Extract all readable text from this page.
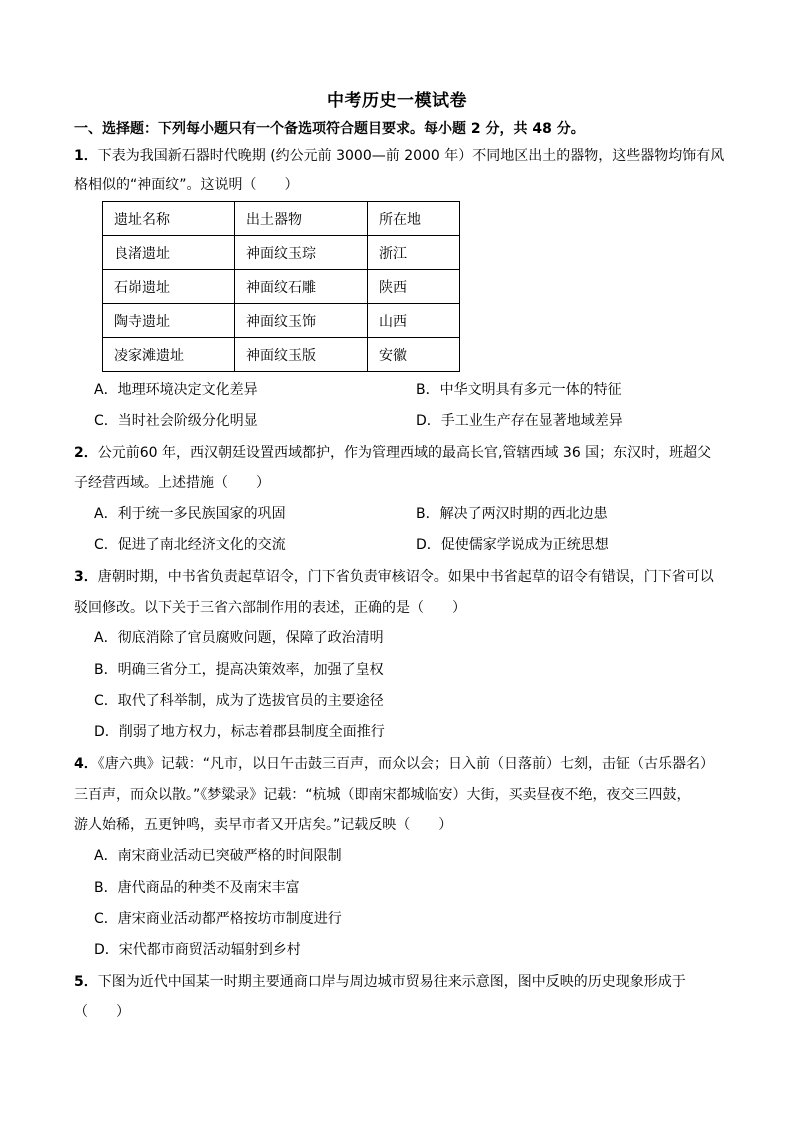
中考历史一模试卷
一、选择题：下列每小题只有一个备选项符合题目要求。每小题 2 分，共 48 分。
1．下表为我国新石器时代晚期 (约公元前 3000—前 2000 年）不同地区出土的器物，这些器物均饰有风
格相似的“神面纹”。这说明（　　）
遗址名称	出土器物	所在地
良渚遗址	神面纹玉琮	浙江
石峁遗址	神面纹石雕	陕西
陶寺遗址	神面纹玉饰	山西
凌家滩遗址	神面纹玉版	安徽
A．地理环境决定文化差异	B．中华文明具有多元一体的特征
C．当时社会阶级分化明显	D．手工业生产存在显著地域差异
2．公元前60 年，西汉朝廷设置西域都护，作为管理西域的最高长官,管辖西域 36 国；东汉时，班超父
子经营西域。上述措施（　　）
A．利于统一多民族国家的巩固	B．解决了两汉时期的西北边患
C．促进了南北经济文化的交流	D．促使儒家学说成为正统思想
3．唐朝时期，中书省负责起草诏令，门下省负责审核诏令。如果中书省起草的诏令有错误，门下省可以
驳回修改。以下关于三省六部制作用的表述，正确的是（　　）
A．彻底消除了官员腐败问题，保障了政治清明
B．明确三省分工，提高决策效率，加强了皇权
C．取代了科举制，成为了选拔官员的主要途径
D．削弱了地方权力，标志着郡县制度全面推行
4．《唐六典》记载：“凡市，以日午击鼓三百声，而众以会；日入前（日落前）七刻，击钲（古乐器名）
三百声，而众以散。”《梦粱录》记载：“杭城（即南宋都城临安）大街，买卖昼夜不绝，夜交三四鼓，
游人始稀，五更钟鸣，卖早市者又开店矣。”记载反映（　　）
A．南宋商业活动已突破严格的时间限制
B．唐代商品的种类不及南宋丰富
C．唐宋商业活动都严格按坊市制度进行
D．宋代都市商贸活动辐射到乡村
5．下图为近代中国某一时期主要通商口岸与周边城市贸易往来示意图，图中反映的历史现象形成于
（　　）
